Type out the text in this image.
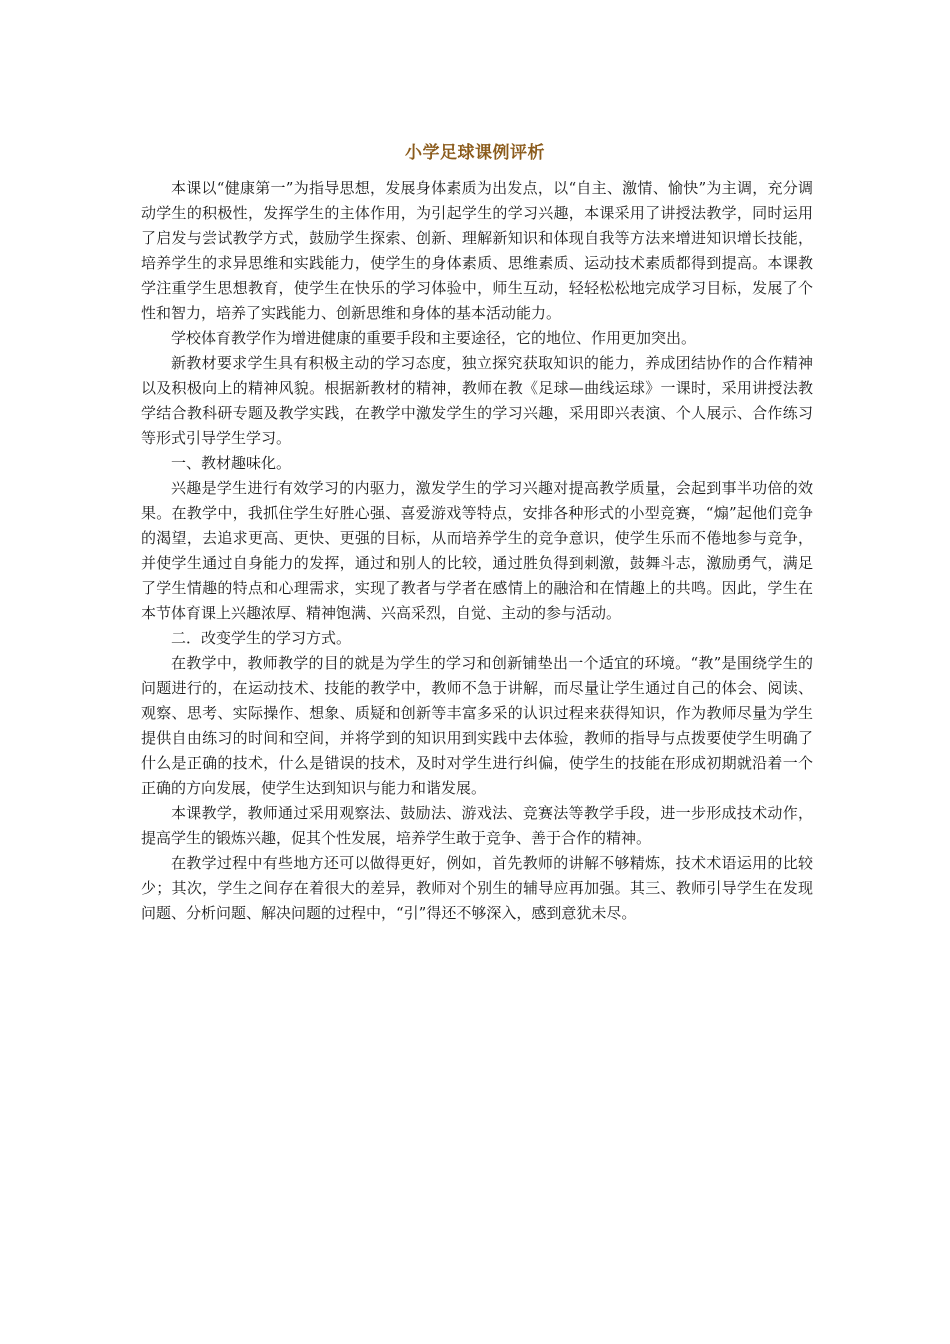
小学足球课例评析

本课以“健康第一”为指导思想，发展身体素质为出发点，以“自主、激情、愉快”为主调，充分调动学生的积极性，发挥学生的主体作用，为引起学生的学习兴趣，本课采用了讲授法教学，同时运用了启发与尝试教学方式，鼓励学生探索、创新、理解新知识和体现自我等方法来增进知识增长技能，培养学生的求异思维和实践能力，使学生的身体素质、思维素质、运动技术素质都得到提高。本课教学注重学生思想教育，使学生在快乐的学习体验中，师生互动，轻轻松松地完成学习目标，发展了个性和智力，培养了实践能力、创新思维和身体的基本活动能力。

学校体育教学作为增进健康的重要手段和主要途径，它的地位、作用更加突出。

新教材要求学生具有积极主动的学习态度，独立探究获取知识的能力，养成团结协作的合作精神以及积极向上的精神风貌。根据新教材的精神，教师在教《足球—曲线运球》一课时，采用讲授法教学结合教科研专题及教学实践，在教学中激发学生的学习兴趣，采用即兴表演、个人展示、合作练习等形式引导学生学习。

一、教材趣味化。

兴趣是学生进行有效学习的内驱力，激发学生的学习兴趣对提高教学质量，会起到事半功倍的效果。在教学中，我抓住学生好胜心强、喜爱游戏等特点，安排各种形式的小型竞赛，“煽”起他们竞争的渴望，去追求更高、更快、更强的目标，从而培养学生的竞争意识，使学生乐而不倦地参与竞争，并使学生通过自身能力的发挥，通过和别人的比较，通过胜负得到刺激，鼓舞斗志，激励勇气，满足了学生情趣的特点和心理需求，实现了教者与学者在感情上的融洽和在情趣上的共鸣。因此，学生在本节体育课上兴趣浓厚、精神饱满、兴高采烈，自觉、主动的参与活动。

二．改变学生的学习方式。

在教学中，教师教学的目的就是为学生的学习和创新铺垫出一个适宜的环境。“教”是围绕学生的问题进行的，在运动技术、技能的教学中，教师不急于讲解，而尽量让学生通过自己的体会、阅读、观察、思考、实际操作、想象、质疑和创新等丰富多采的认识过程来获得知识，作为教师尽量为学生提供自由练习的时间和空间，并将学到的知识用到实践中去体验，教师的指导与点拨要使学生明确了什么是正确的技术，什么是错误的技术，及时对学生进行纠偏，使学生的技能在形成初期就沿着一个正确的方向发展，使学生达到知识与能力和谐发展。

本课教学，教师通过采用观察法、鼓励法、游戏法、竞赛法等教学手段，进一步形成技术动作，提高学生的锻炼兴趣，促其个性发展，培养学生敢于竞争、善于合作的精神。

在教学过程中有些地方还可以做得更好，例如，首先教师的讲解不够精炼，技术术语运用的比较少；其次，学生之间存在着很大的差异，教师对个别生的辅导应再加强。其三、教师引导学生在发现问题、分析问题、解决问题的过程中，“引”得还不够深入，感到意犹未尽。
